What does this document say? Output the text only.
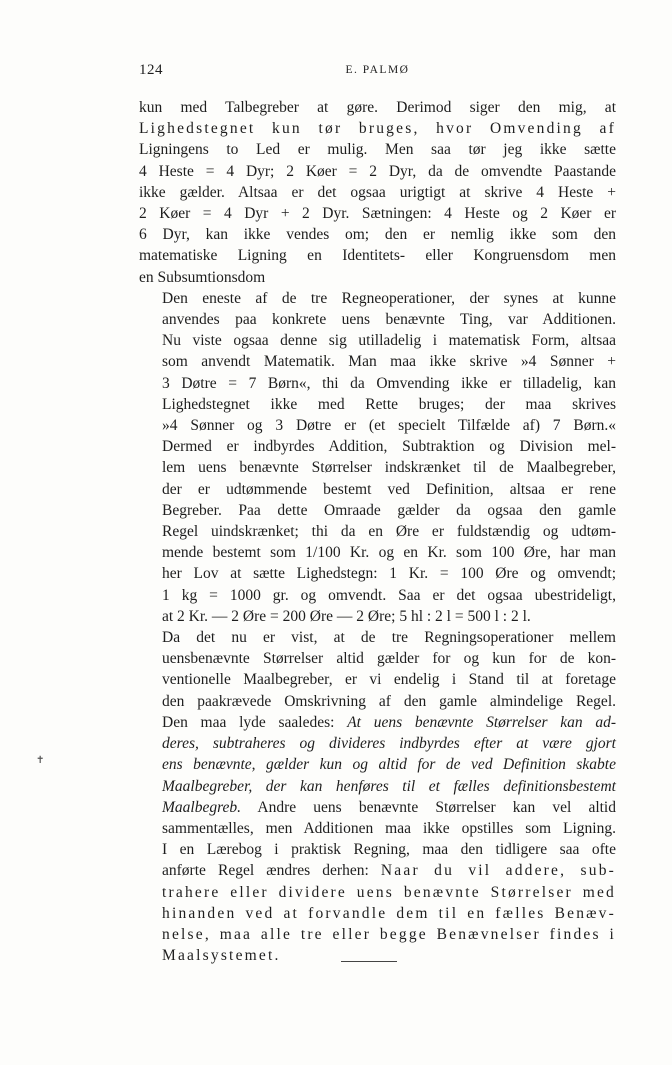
124	E. PALMØ

kun med Talbegreber at gøre. Derimod siger den mig, at
Lighedstegnet kun tør bruges, hvor Omvending af
Ligningens to Led er mulig. Men saa tør jeg ikke sætte
4 Heste = 4 Dyr; 2 Køer = 2 Dyr, da de omvendte Paastande
ikke gælder. Altsaa er det ogsaa urigtigt at skrive 4 Heste +
2 Køer = 4 Dyr + 2 Dyr. Sætningen: 4 Heste og 2 Køer er
6 Dyr, kan ikke vendes om; den er nemlig ikke som den
matematiske Ligning en Identitets- eller Kongruensdom men
en Subsumtionsdom

Den eneste af de tre Regneoperationer, der synes at kunne
anvendes paa konkrete uens benævnte Ting, var Additionen.
Nu viste ogsaa denne sig utilladelig i matematisk Form, altsaa
som anvendt Matematik. Man maa ikke skrive »4 Sønner +
3 Døtre = 7 Børn«, thi da Omvending ikke er tilladelig, kan
Lighedstegnet ikke med Rette bruges; der maa skrives
»4 Sønner og 3 Døtre er (et specielt Tilfælde af) 7 Børn.«
Dermed er indbyrdes Addition, Subtraktion og Division mel-
lem uens benævnte Størrelser indskrænket til de Maalbegreber,
der er udtømmende bestemt ved Definition, altsaa er rene
Begreber. Paa dette Omraade gælder da ogsaa den gamle
Regel uindskrænket; thi da en Øre er fuldstændig og udtøm-
mende bestemt som 1/100 Kr. og en Kr. som 100 Øre, har man
her Lov at sætte Lighedstegn: 1 Kr. = 100 Øre og omvendt;
1 kg = 1000 gr. og omvendt. Saa er det ogsaa ubestrideligt,
at 2 Kr. — 2 Øre = 200 Øre — 2 Øre; 5 hl : 2 l = 500 l : 2 l.

Da det nu er vist, at de tre Regningsoperationer mellem
uensbenævnte Størrelser altid gælder for og kun for de kon-
ventionelle Maalbegreber, er vi endelig i Stand til at foretage
den paakrævede Omskrivning af den gamle almindelige Regel.
Den maa lyde saaledes: At uens benævnte Størrelser kan ad-
deres, subtraheres og divideres indbyrdes efter at være gjort
ens benævnte, gælder kun og altid for de ved Definition skabte
Maalbegreber, der kan henføres til et fælles definitionsbestemt
Maalbegreb. Andre uens benævnte Størrelser kan vel altid
sammentælles, men Additionen maa ikke opstilles som Ligning.
I en Lærebog i praktisk Regning, maa den tidligere saa ofte
anførte Regel ændres derhen: Naar du vil addere, sub-
trahere eller dividere uens benævnte Størrelser med
hinanden ved at forvandle dem til en fælles Benæv-
nelse, maa alle tre eller begge Benævnelser findes i
Maalsystemet.

✝
